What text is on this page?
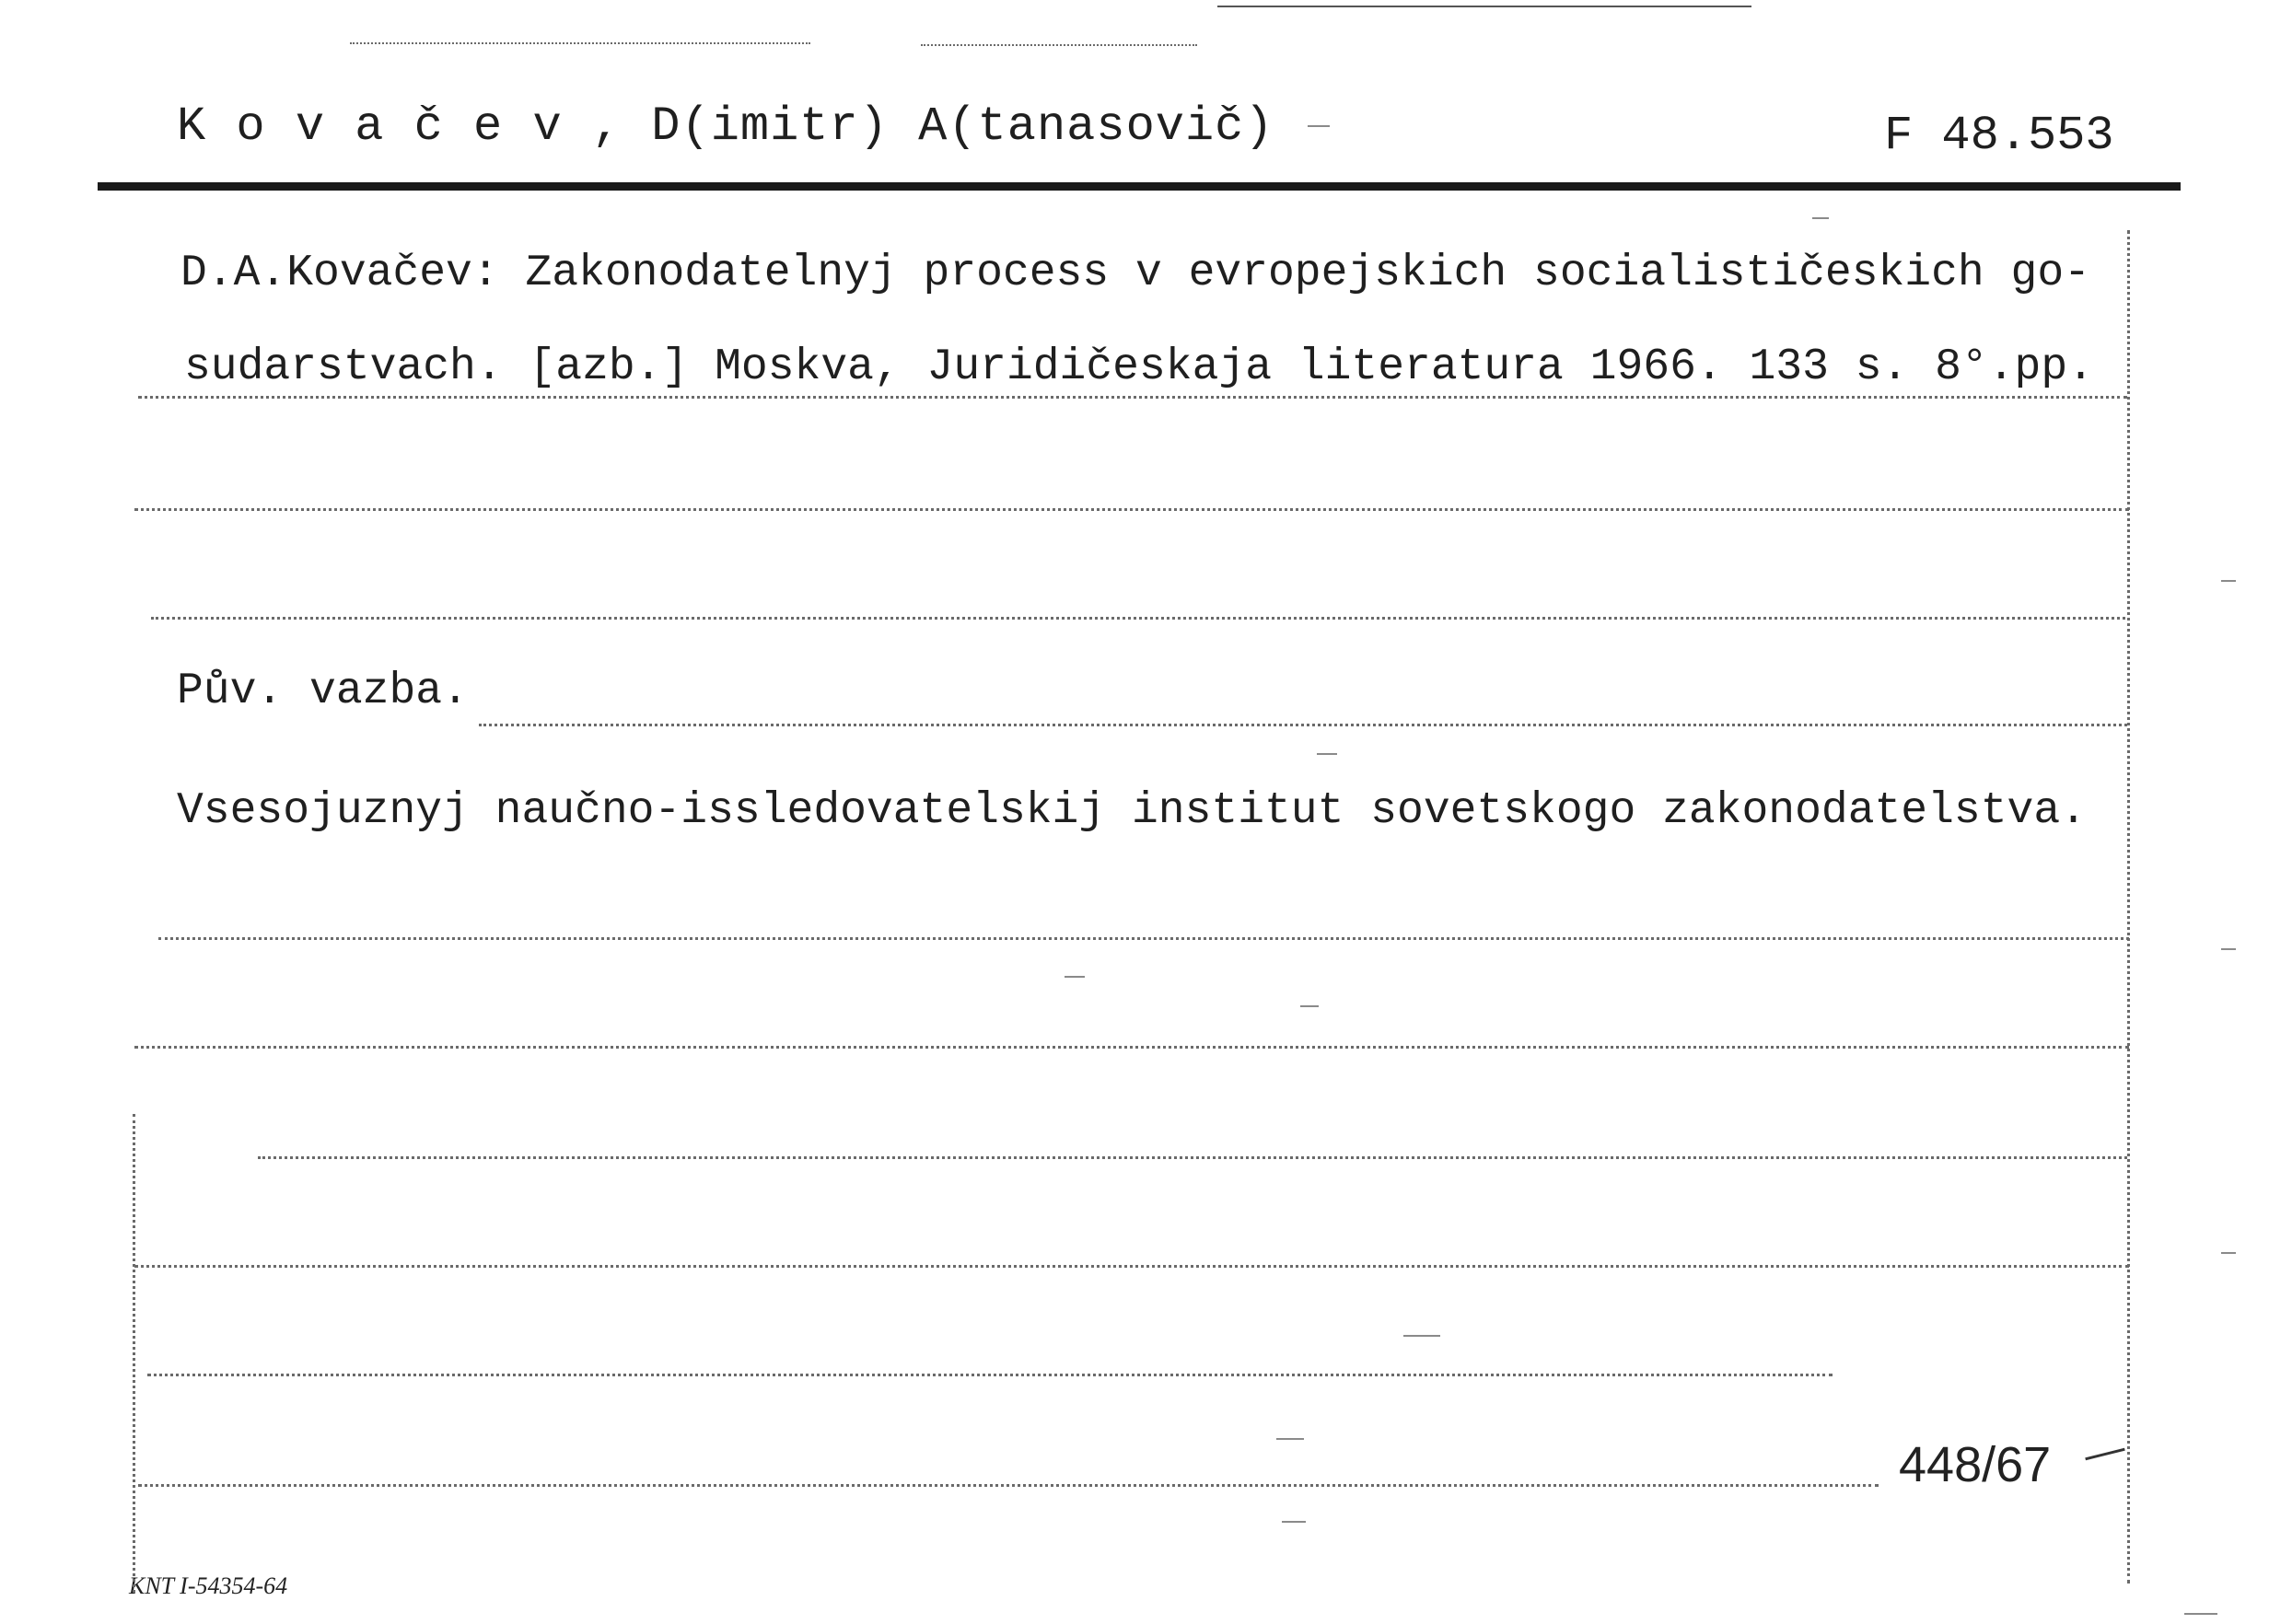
K o v a č e v , D(imitr) A(tanasovič)	F 48.553
D.A.Kovačev: Zakonodatelnyj process v evropejskich socialističeskich go-
sudarstvach. [azb.] Moskva, Juridičeskaja literatura 1966. 133 s. 8°.pp.
Pův. vazba.
Vsesojuznyj naučno-issledovatelskij institut sovetskogo zakonodatelstva.
448/67
KNT I-54354-64
